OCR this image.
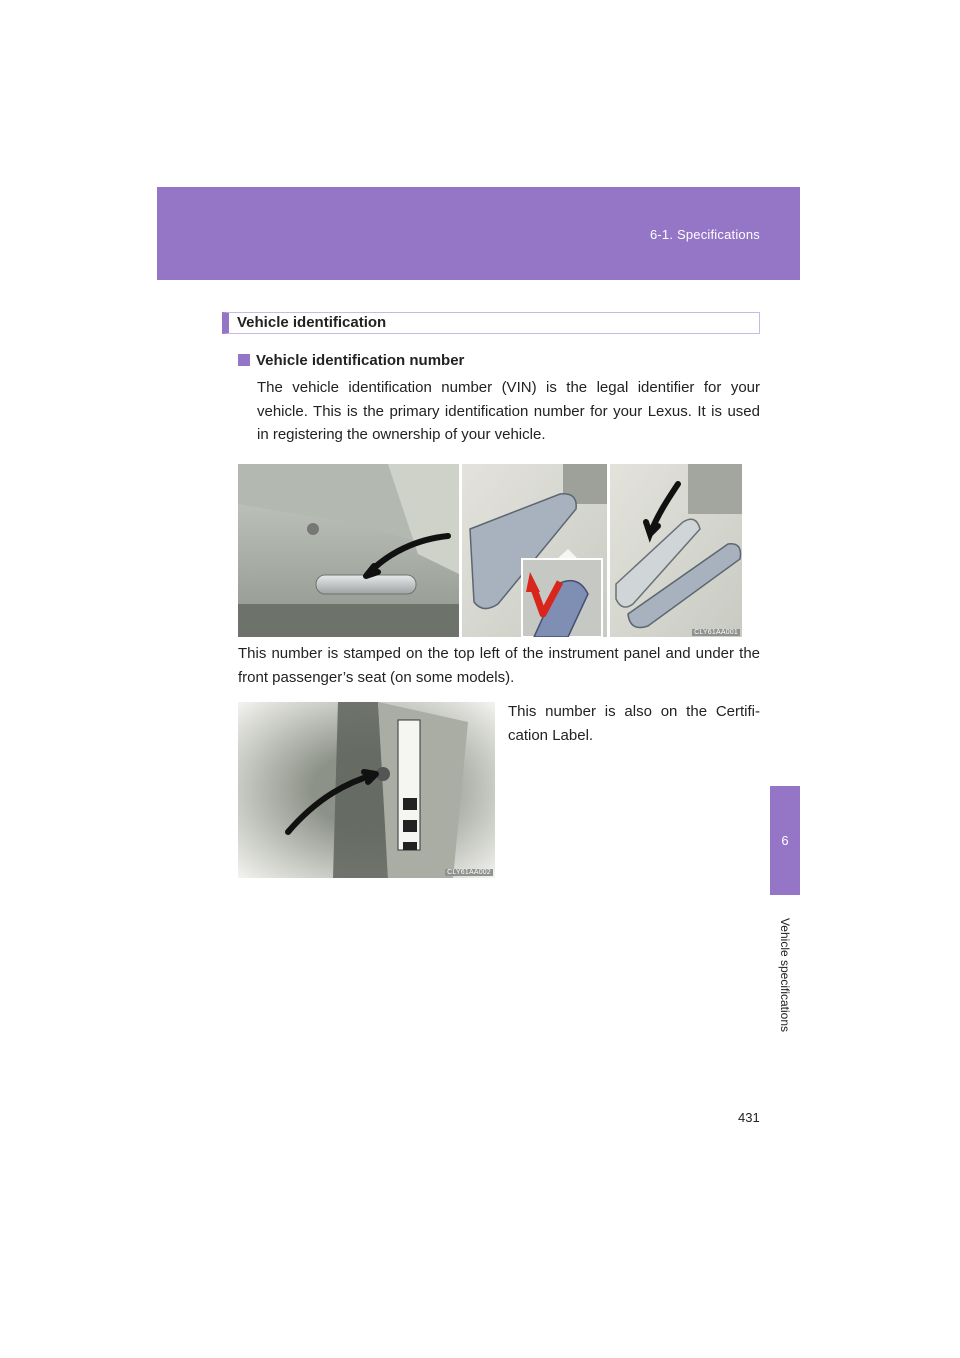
6-1. Specifications
6
Vehicle specifications
Vehicle identification
Vehicle identification number
The vehicle identification number (VIN) is the legal identifier for your vehicle. This is the primary identification number for your Lexus. It is used in registering the ownership of your vehicle.
CLY61AA001
This number is stamped on the top left of the instrument panel and under the front passenger’s seat (on some models).
CLY61AA002
This number is also on the Certifi-cation Label.
431
